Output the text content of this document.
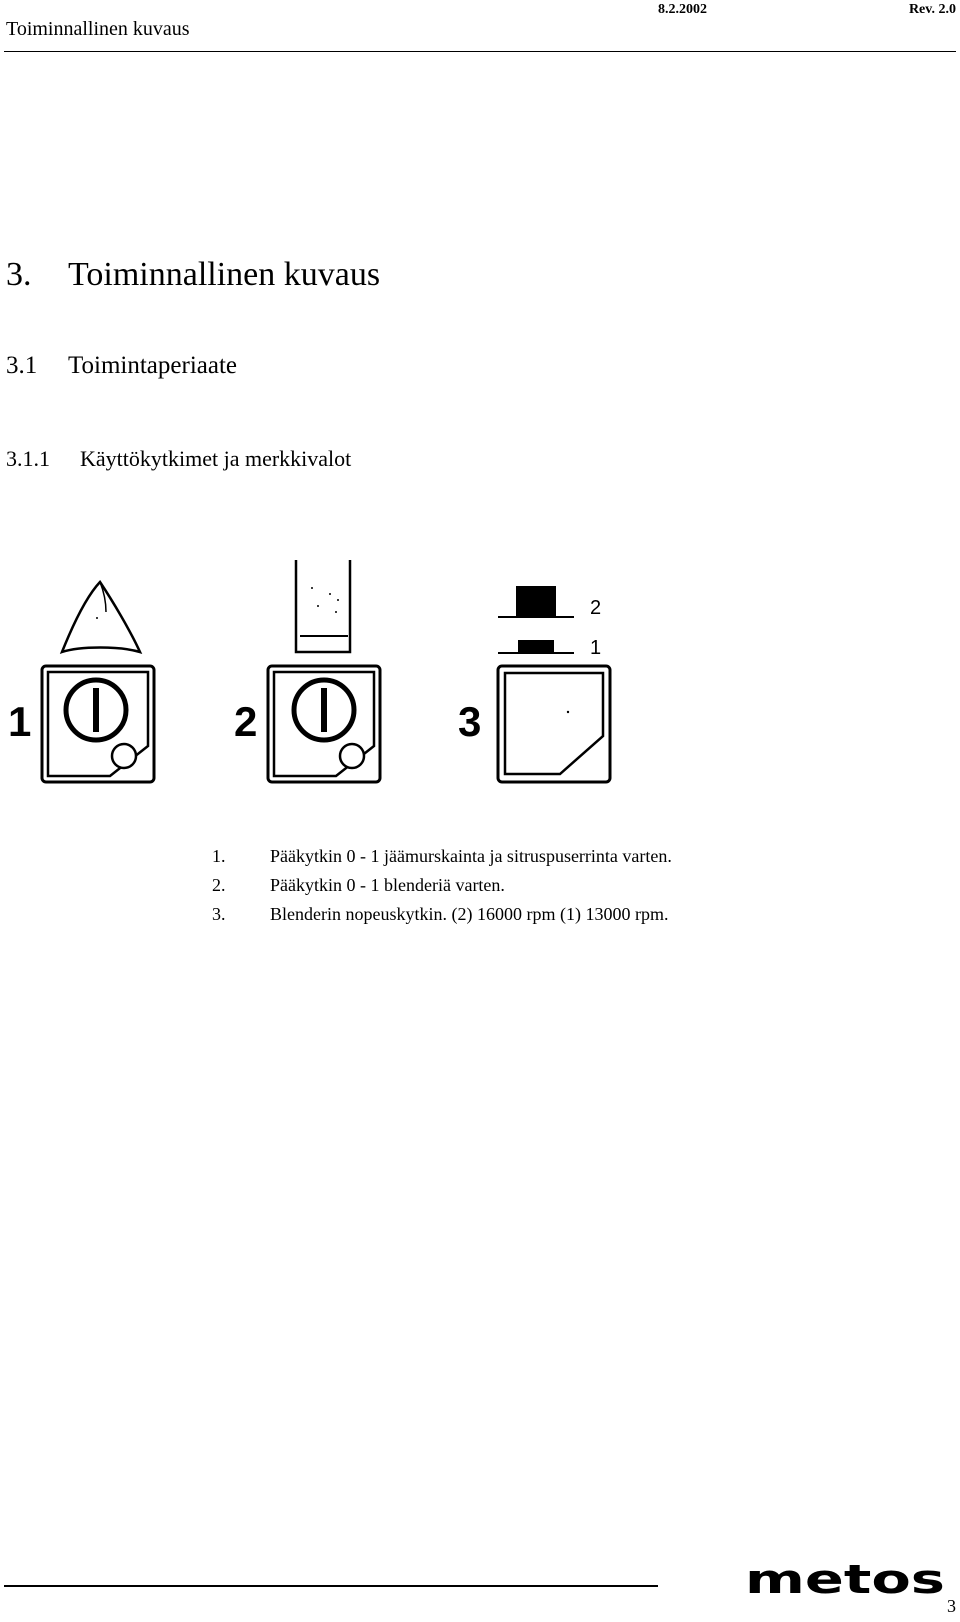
Toiminnallinen kuvaus
8.2.2002	Rev. 2.0
3. Toiminnallinen kuvaus
3.1 Toimintaperiaate
3.1.1 Käyttökytkimet ja merkkivalot
1	2
2
1
3
1. Pääkytkin 0 - 1 jäämurskainta ja sitruspuserrinta varten.
2. Pääkytkin 0 - 1 blenderiä varten.
3. Blenderin nopeuskytkin. (2) 16000 rpm (1) 13000 rpm.
metos
3
